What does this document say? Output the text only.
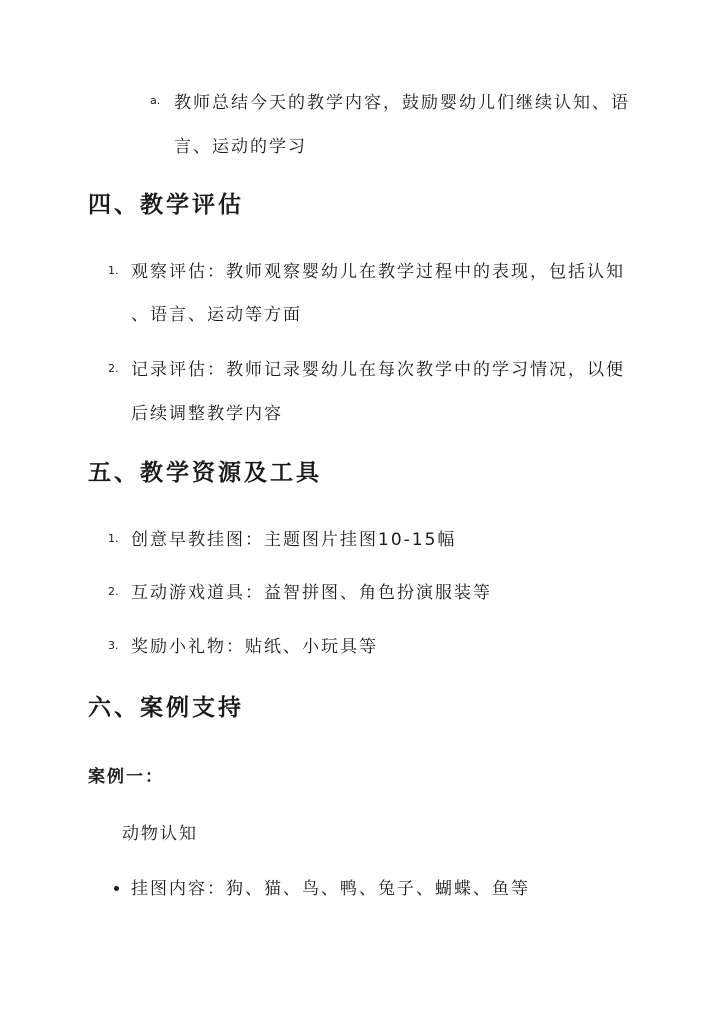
a. 教师总结今天的教学内容，鼓励婴幼儿们继续认知、语
言、运动的学习
四、教学评估
1. 观察评估：教师观察婴幼儿在教学过程中的表现，包括认知
、语言、运动等方面
2. 记录评估：教师记录婴幼儿在每次教学中的学习情况，以便
后续调整教学内容
五、教学资源及工具
1. 创意早教挂图：主题图片挂图10-15幅
2. 互动游戏道具：益智拼图、角色扮演服装等
3. 奖励小礼物：贴纸、小玩具等
六、案例支持
案例一：
动物认知
挂图内容：狗、猫、鸟、鸭、兔子、蝴蝶、鱼等
